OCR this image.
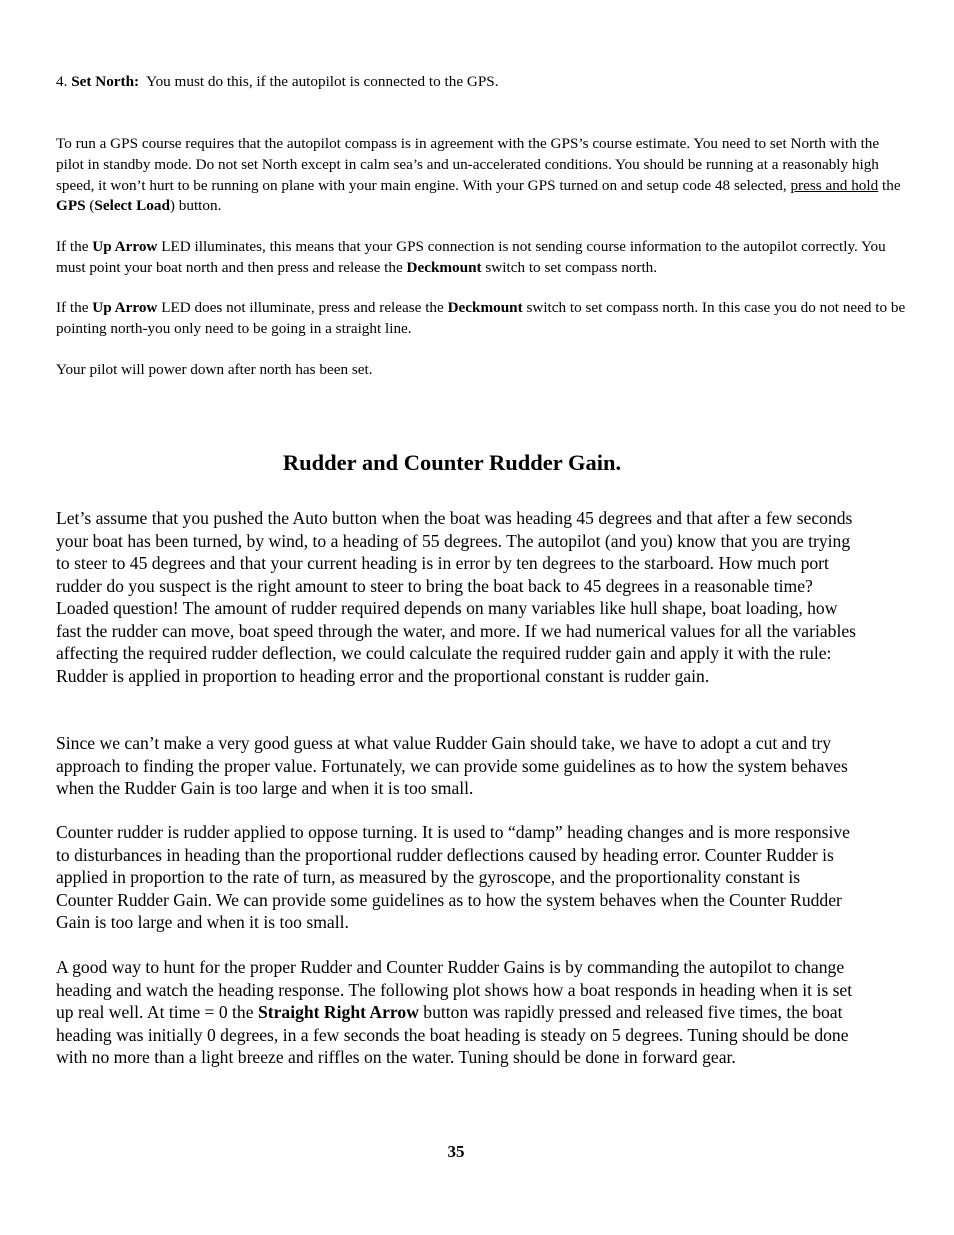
4. Set North: You must do this, if the autopilot is connected to the GPS.

To run a GPS course requires that the autopilot compass is in agreement with the GPS’s course estimate. You need to set North with the pilot in standby mode. Do not set North except in calm sea’s and un-accelerated conditions. You should be running at a reasonably high speed, it won’t hurt to be running on plane with your main engine. With your GPS turned on and setup code 48 selected, press and hold the GPS (Select Load) button.

If the Up Arrow LED illuminates, this means that your GPS connection is not sending course information to the autopilot correctly. You must point your boat north and then press and release the Deckmount switch to set compass north.

If the Up Arrow LED does not illuminate, press and release the Deckmount switch to set compass north. In this case you do not need to be pointing north-you only need to be going in a straight line.

Your pilot will power down after north has been set.

Rudder and Counter Rudder Gain.

Let’s assume that you pushed the Auto button when the boat was heading 45 degrees and that after a few seconds your boat has been turned, by wind, to a heading of 55 degrees. The autopilot (and you) know that you are trying to steer to 45 degrees and that your current heading is in error by ten degrees to the starboard. How much port rudder do you suspect is the right amount to steer to bring the boat back to 45 degrees in a reasonable time? Loaded question! The amount of rudder required depends on many variables like hull shape, boat loading, how fast the rudder can move, boat speed through the water, and more. If we had numerical values for all the variables affecting the required rudder deflection, we could calculate the required rudder gain and apply it with the rule: Rudder is applied in proportion to heading error and the proportional constant is rudder gain.

Since we can’t make a very good guess at what value Rudder Gain should take, we have to adopt a cut and try approach to finding the proper value. Fortunately, we can provide some guidelines as to how the system behaves when the Rudder Gain is too large and when it is too small.

Counter rudder is rudder applied to oppose turning. It is used to “damp” heading changes and is more responsive to disturbances in heading than the proportional rudder deflections caused by heading error. Counter Rudder is applied in proportion to the rate of turn, as measured by the gyroscope, and the proportionality constant is Counter Rudder Gain. We can provide some guidelines as to how the system behaves when the Counter Rudder Gain is too large and when it is too small.

A good way to hunt for the proper Rudder and Counter Rudder Gains is by commanding the autopilot to change heading and watch the heading response. The following plot shows how a boat responds in heading when it is set up real well. At time = 0 the Straight Right Arrow button was rapidly pressed and released five times, the boat heading was initially 0 degrees, in a few seconds the boat heading is steady on 5 degrees. Tuning should be done with no more than a light breeze and riffles on the water. Tuning should be done in forward gear.

35
